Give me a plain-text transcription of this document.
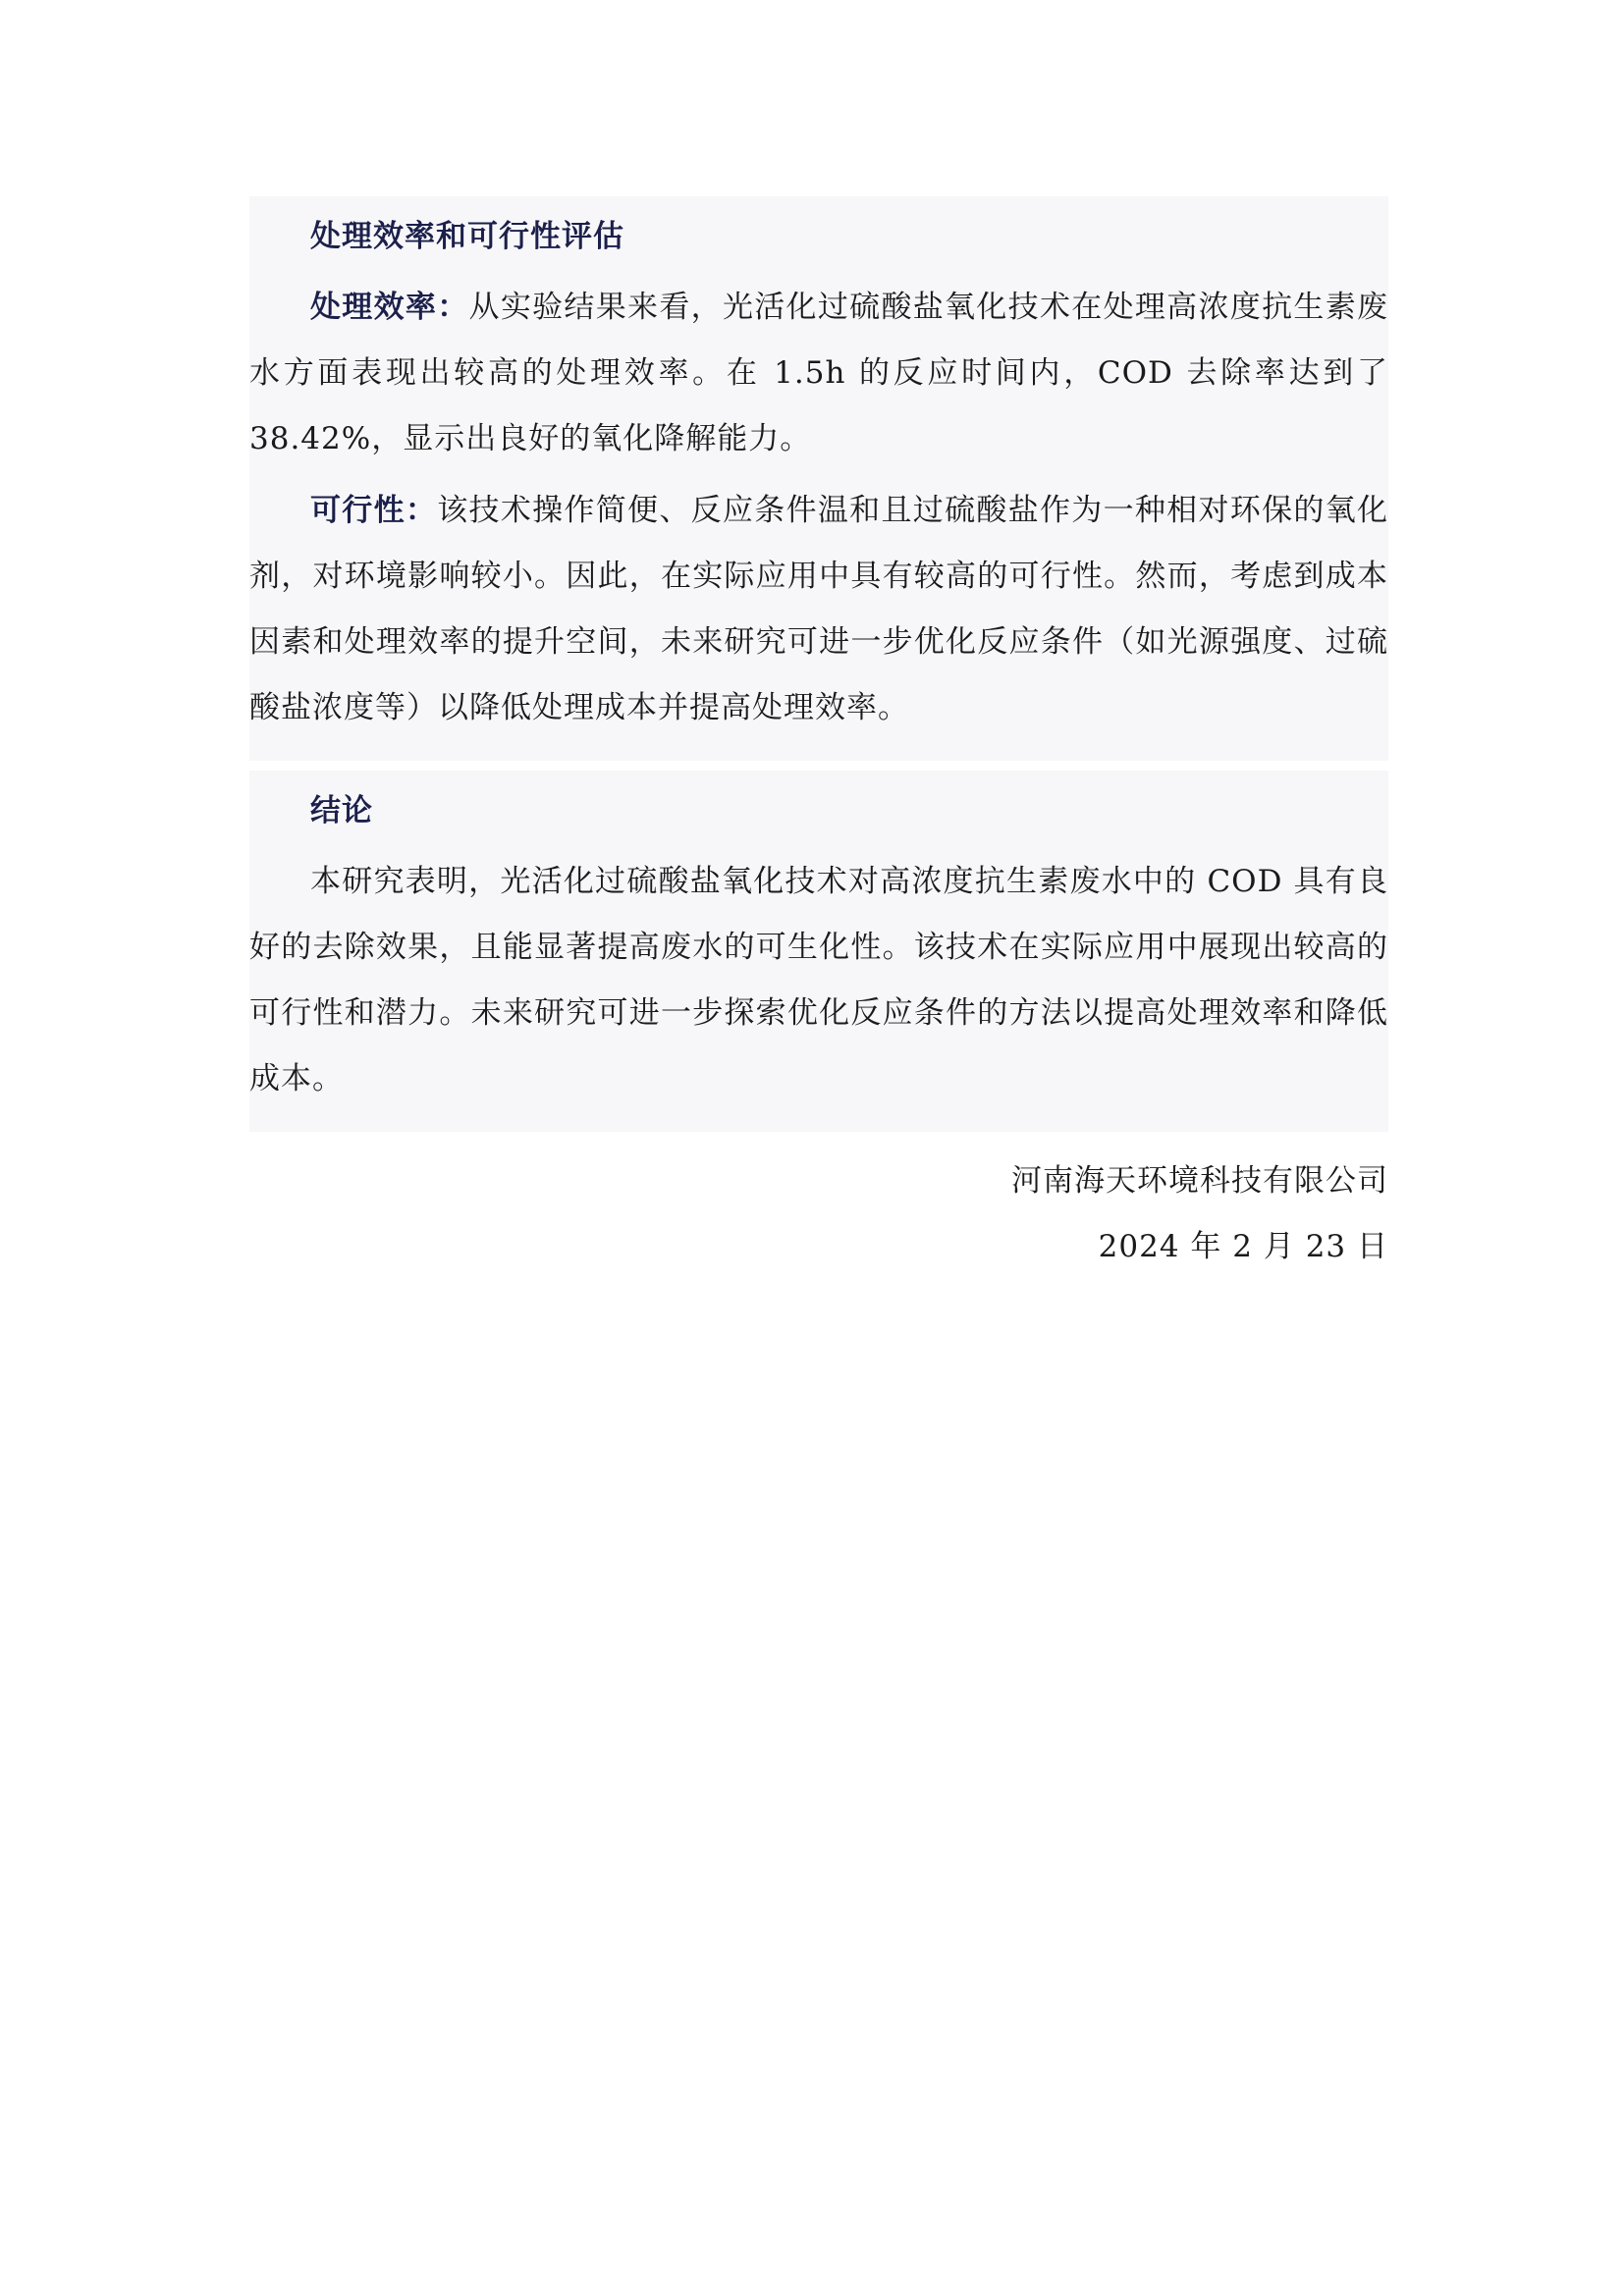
处理效率和可行性评估

处理效率：从实验结果来看，光活化过硫酸盐氧化技术在处理高浓度抗生素废水方面表现出较高的处理效率。在 1.5h 的反应时间内，COD 去除率达到了 38.42%，显示出良好的氧化降解能力。

可行性：该技术操作简便、反应条件温和且过硫酸盐作为一种相对环保的氧化剂，对环境影响较小。因此，在实际应用中具有较高的可行性。然而，考虑到成本因素和处理效率的提升空间，未来研究可进一步优化反应条件（如光源强度、过硫酸盐浓度等）以降低处理成本并提高处理效率。

结论

本研究表明，光活化过硫酸盐氧化技术对高浓度抗生素废水中的 COD 具有良好的去除效果，且能显著提高废水的可生化性。该技术在实际应用中展现出较高的可行性和潜力。未来研究可进一步探索优化反应条件的方法以提高处理效率和降低成本。

河南海天环境科技有限公司
2024 年 2 月 23 日
